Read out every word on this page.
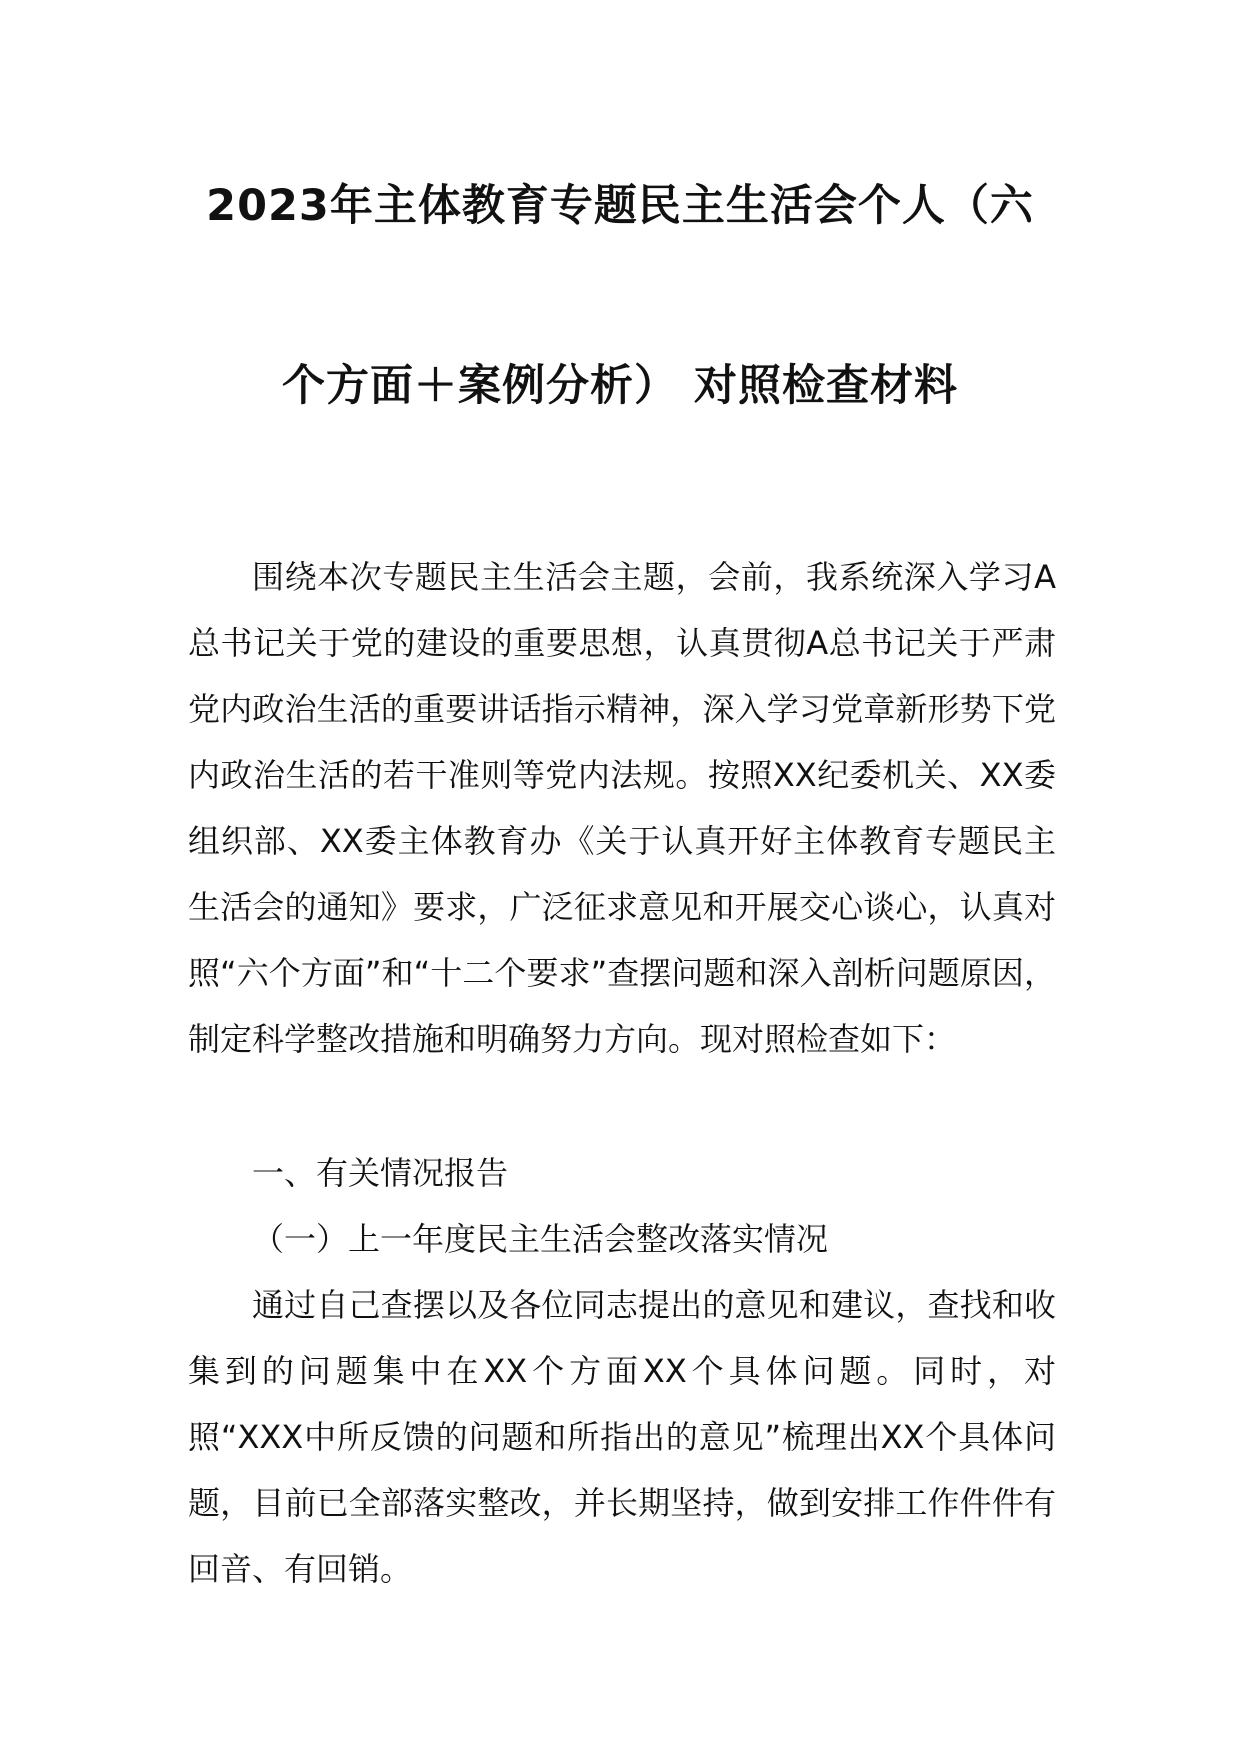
2023年主体教育专题民主生活会个人（六
个方面＋案例分析） 对照检查材料
围绕本次专题民主生活会主题，会前，我系统深入学习A总书记关于党的建设的重要思想，认真贯彻A总书记关于严肃党内政治生活的重要讲话指示精神，深入学习党章新形势下党内政治生活的若干准则等党内法规。按照XX纪委机关、XX委组织部、XX委主体教育办《关于认真开好主体教育专题民主生活会的通知》要求，广泛征求意见和开展交心谈心，认真对照“六个方面”和“十二个要求”查摆问题和深入剖析问题原因，制定科学整改措施和明确努力方向。现对照检查如下：
一、有关情况报告
（一）上一年度民主生活会整改落实情况
通过自己查摆以及各位同志提出的意见和建议，查找和收集到的问题集中在XX个方面XX个具体问题。同时，对照“XXX中所反馈的问题和所指出的意见”梳理出XX个具体问题，目前已全部落实整改，并长期坚持，做到安排工作件件有回音、有回销。
